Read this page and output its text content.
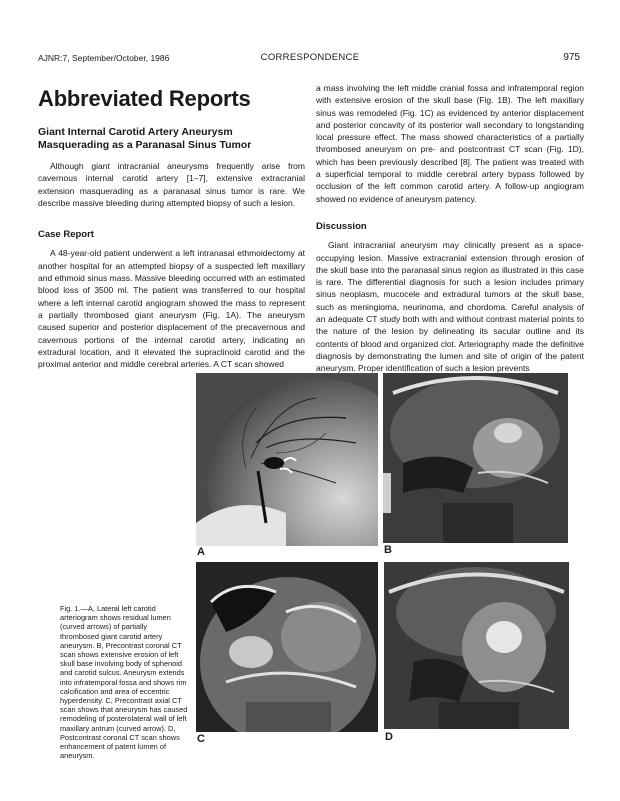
AJNR:7, September/October, 1986	CORRESPONDENCE	975
Abbreviated Reports
Giant Internal Carotid Artery Aneurysm Masquerading as a Paranasal Sinus Tumor

Although giant intracranial aneurysms frequently arise from cavernous internal carotid artery [1–7], extensive extracranial extension masquerading as a paranasal sinus tumor is rare. We describe massive bleeding during attempted biopsy of such a lesion.

Case Report

A 48-year-old patient underwent a left intranasal ethmoidectomy at another hospital for an attempted biopsy of a suspected left maxillary and ethmoid sinus mass. Massive bleeding occurred with an estimated blood loss of 3500 ml. The patient was transferred to our hospital where a left internal carotid angiogram showed the mass to represent a partially thrombosed giant aneurysm (Fig. 1A). The aneurysm caused superior and posterior displacement of the precavernous and cavernous portions of the internal carotid artery, indicating an extradural location, and it elevated the supraclinoid carotid and the proximal anterior and middle cerebral arteries. A CT scan showed

a mass involving the left middle cranial fossa and infratemporal region with extensive erosion of the skull base (Fig. 1B). The left maxillary sinus was remodeled (Fig. 1C) as evidenced by anterior displacement and posterior concavity of its posterior wall secondary to longstanding local pressure effect. The mass showed characteristics of a partially thrombosed aneurysm on pre- and postcontrast CT scan (Fig. 1D), which has been previously described [8]. The patient was treated with a superficial temporal to middle cerebral artery bypass followed by occlusion of the left common carotid artery. A follow-up angiogram showed no evidence of aneurysm patency.

Discussion

Giant intracranial aneurysm may clinically present as a space-occupying lesion. Massive extracranial extension through erosion of the skull base into the paranasal sinus region as illustrated in this case is rare. The differential diagnosis for such a lesion includes primary sinus neoplasm, mucocele and extradural tumors at the skull base, such as meningioma, neurinoma, and chordoma. Careful analysis of an adequate CT study both with and without contrast material points to the nature of the lesion by delineating its sacular outline and its contents of blood and organized clot. Arteriography made the definitive diagnosis by demonstrating the lumen and site of origin of the patent aneurysm. Proper identification of such a lesion prevents

Fig. 1.—A, Lateral left carotid arteriogram shows residual lumen (curved arrows) of partially thrombosed giant carotid artery aneurysm. B, Precontrast coronal CT scan shows extensive erosion of left skull base involving body of sphenoid and carotid sulcus. Aneurysm extends into infratemporal fossa and shows rim calcification and area of eccentric hyperdensity. C, Precontrast axial CT scan shows that aneurysm has caused remodeling of posterolateral wall of left maxillary antrum (curved arrow). D, Postcontrast coronal CT scan shows enhancement of patent lumen of aneurysm.
A	B
C	D
